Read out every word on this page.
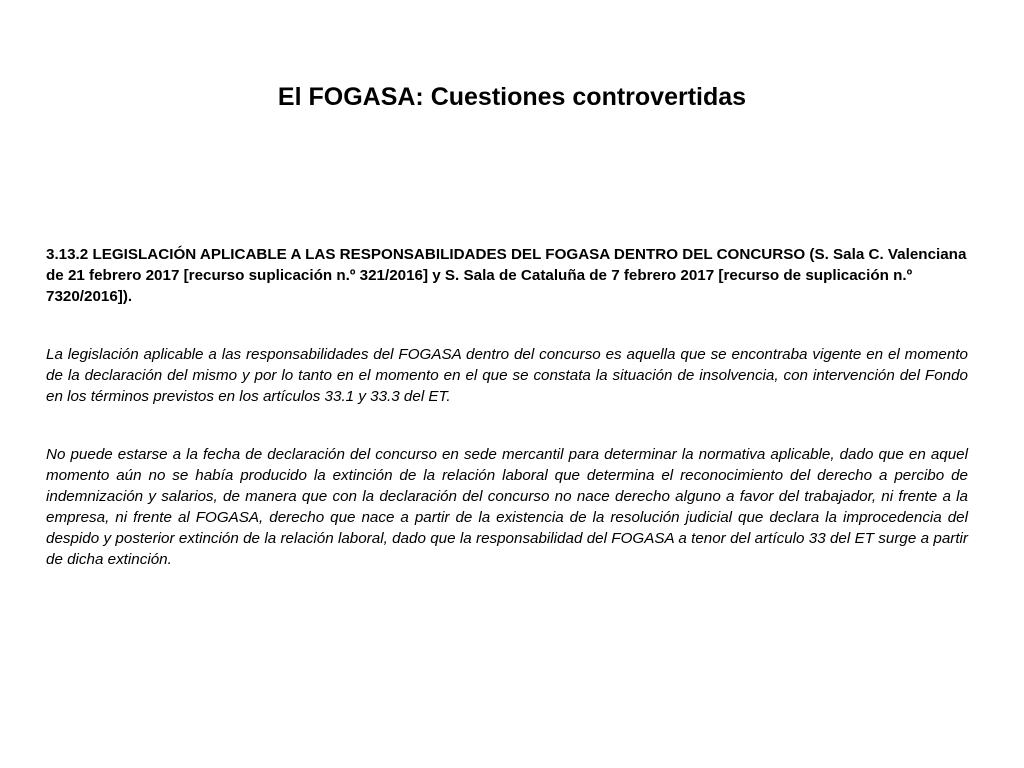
El FOGASA: Cuestiones controvertidas

3.13.2 LEGISLACIÓN APLICABLE A LAS RESPONSABILIDADES DEL FOGASA DENTRO DEL CONCURSO (S. Sala C. Valenciana de 21 febrero 2017 [recurso suplicación n.º 321/2016] y S. Sala de Cataluña de 7 febrero 2017 [recurso de suplicación n.º 7320/2016]).

La legislación aplicable a las responsabilidades del FOGASA dentro del concurso es aquella que se encontraba vigente en el momento de la declaración del mismo y por lo tanto en el momento en el que se constata la situación de insolvencia, con intervención del Fondo en los términos previstos en los artículos 33.1 y 33.3 del ET.

No puede estarse a la fecha de declaración del concurso en sede mercantil para determinar la normativa aplicable, dado que en aquel momento aún no se había producido la extinción de la relación laboral que determina el reconocimiento del derecho a percibo de indemnización y salarios, de manera que con la declaración del concurso no nace derecho alguno a favor del trabajador, ni frente a la empresa, ni frente al FOGASA, derecho que nace a partir de la existencia de la resolución judicial que declara la improcedencia del despido y posterior extinción de la relación laboral, dado que la responsabilidad del FOGASA a tenor del artículo 33 del ET surge a partir de dicha extinción.
